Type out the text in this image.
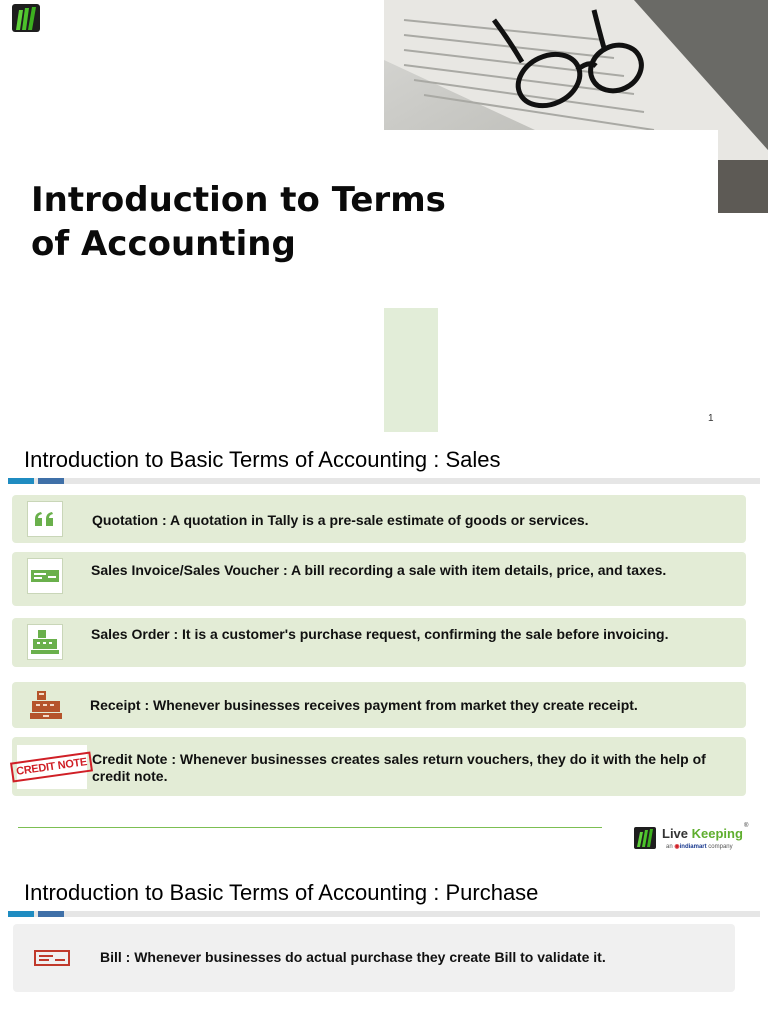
Introduction to Terms of Accounting
1
Introduction to Basic Terms of Accounting : Sales
Quotation : A quotation in Tally is a pre-sale estimate of goods or services.
Sales Invoice/Sales Voucher : A bill recording a sale with item details, price, and taxes.
Sales Order : It is a customer's purchase request, confirming the sale before invoicing.
Receipt : Whenever businesses receives payment from market they create receipt.
CREDIT NOTE Credit Note : Whenever businesses creates sales return vouchers, they do it with the help of credit note.
Live Keeping ®
an ◉indiamart company
Introduction to Basic Terms of Accounting : Purchase
Bill : Whenever businesses do actual purchase they create Bill to validate it.
